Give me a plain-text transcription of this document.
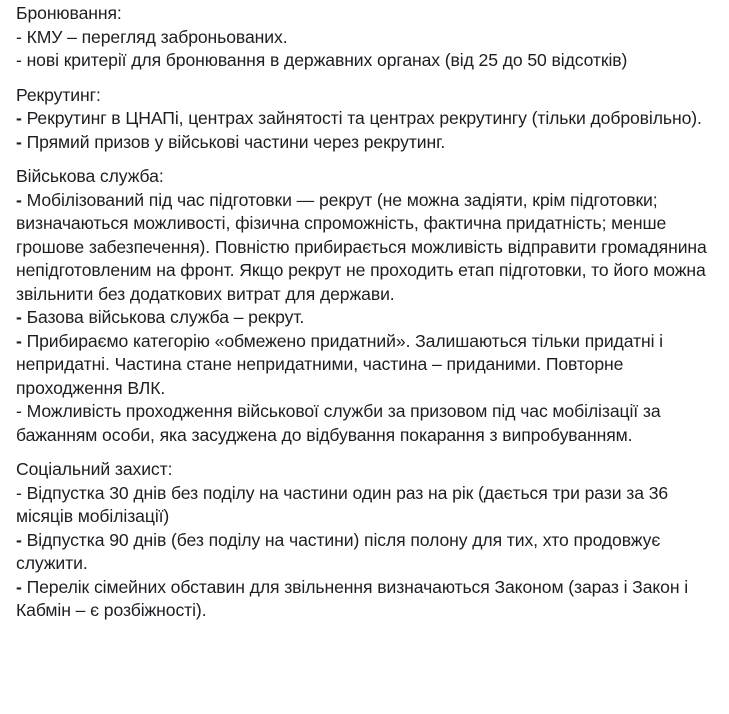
Бронювання:
- КМУ – перегляд заброньованих.
- нові критерії для бронювання в державних органах (від 25 до 50 відсотків)
Рекрутинг:
- Рекрутинг в ЦНАПі, центрах зайнятості та центрах рекрутингу (тільки добровільно).
- Прямий призов у військові частини через рекрутинг.
Військова служба:
- Мобілізований під час підготовки — рекрут (не можна задіяти, крім підготовки; визначаються можливості, фізична спроможність, фактична придатність; менше грошове забезпечення). Повністю прибирається можливість відправити громадянина непідготовленим на фронт. Якщо рекрут не проходить етап підготовки, то його можна звільнити без додаткових витрат для держави.
- Базова військова служба – рекрут.
- Прибираємо категорію «обмежено придатний». Залишаються тільки придатні і непридатні. Частина стане непридатними, частина – приданими. Повторне проходження ВЛК.
- Можливість проходження військової служби за призовом під час мобілізації за бажанням особи, яка засуджена до відбування покарання з випробуванням.
Соціальний захист:
- Відпустка 30 днів без поділу на частини один раз на рік (дається три рази за 36 місяців мобілізації)
- Відпустка 90 днів (без поділу на частини) після полону для тих, хто продовжує служити.
- Перелік сімейних обставин для звільнення визначаються Законом (зараз і Закон і Кабмін – є розбіжності).
